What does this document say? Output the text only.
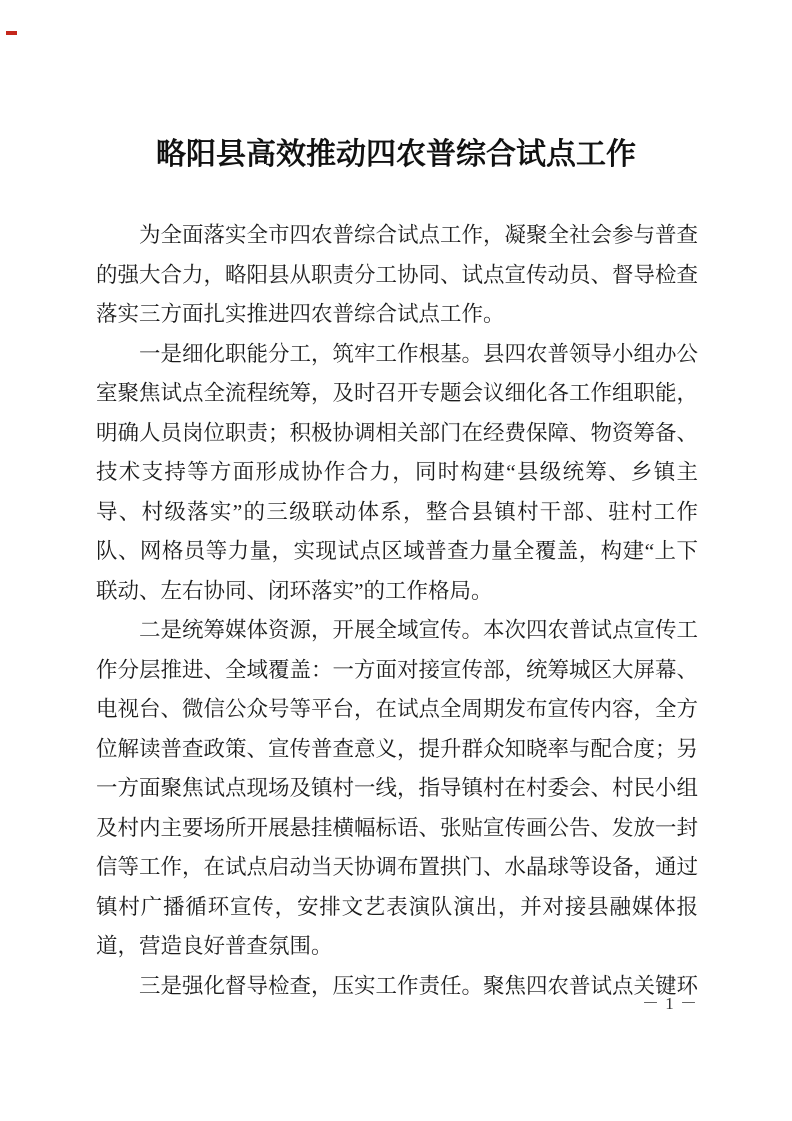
略阳县高效推动四农普综合试点工作

为全面落实全市四农普综合试点工作，凝聚全社会参与普查的强大合力，略阳县从职责分工协同、试点宣传动员、督导检查落实三方面扎实推进四农普综合试点工作。

一是细化职能分工，筑牢工作根基。县四农普领导小组办公室聚焦试点全流程统筹，及时召开专题会议细化各工作组职能，明确人员岗位职责；积极协调相关部门在经费保障、物资筹备、技术支持等方面形成协作合力，同时构建“县级统筹、乡镇主导、村级落实”的三级联动体系，整合县镇村干部、驻村工作队、网格员等力量，实现试点区域普查力量全覆盖，构建“上下联动、左右协同、闭环落实”的工作格局。

二是统筹媒体资源，开展全域宣传。本次四农普试点宣传工作分层推进、全域覆盖：一方面对接宣传部，统筹城区大屏幕、电视台、微信公众号等平台，在试点全周期发布宣传内容，全方位解读普查政策、宣传普查意义，提升群众知晓率与配合度；另一方面聚焦试点现场及镇村一线，指导镇村在村委会、村民小组及村内主要场所开展悬挂横幅标语、张贴宣传画公告、发放一封信等工作，在试点启动当天协调布置拱门、水晶球等设备，通过镇村广播循环宣传，安排文艺表演队演出，并对接县融媒体报道，营造良好普查氛围。

三是强化督导检查，压实工作责任。聚焦四农普试点关键环

－ 1 －
